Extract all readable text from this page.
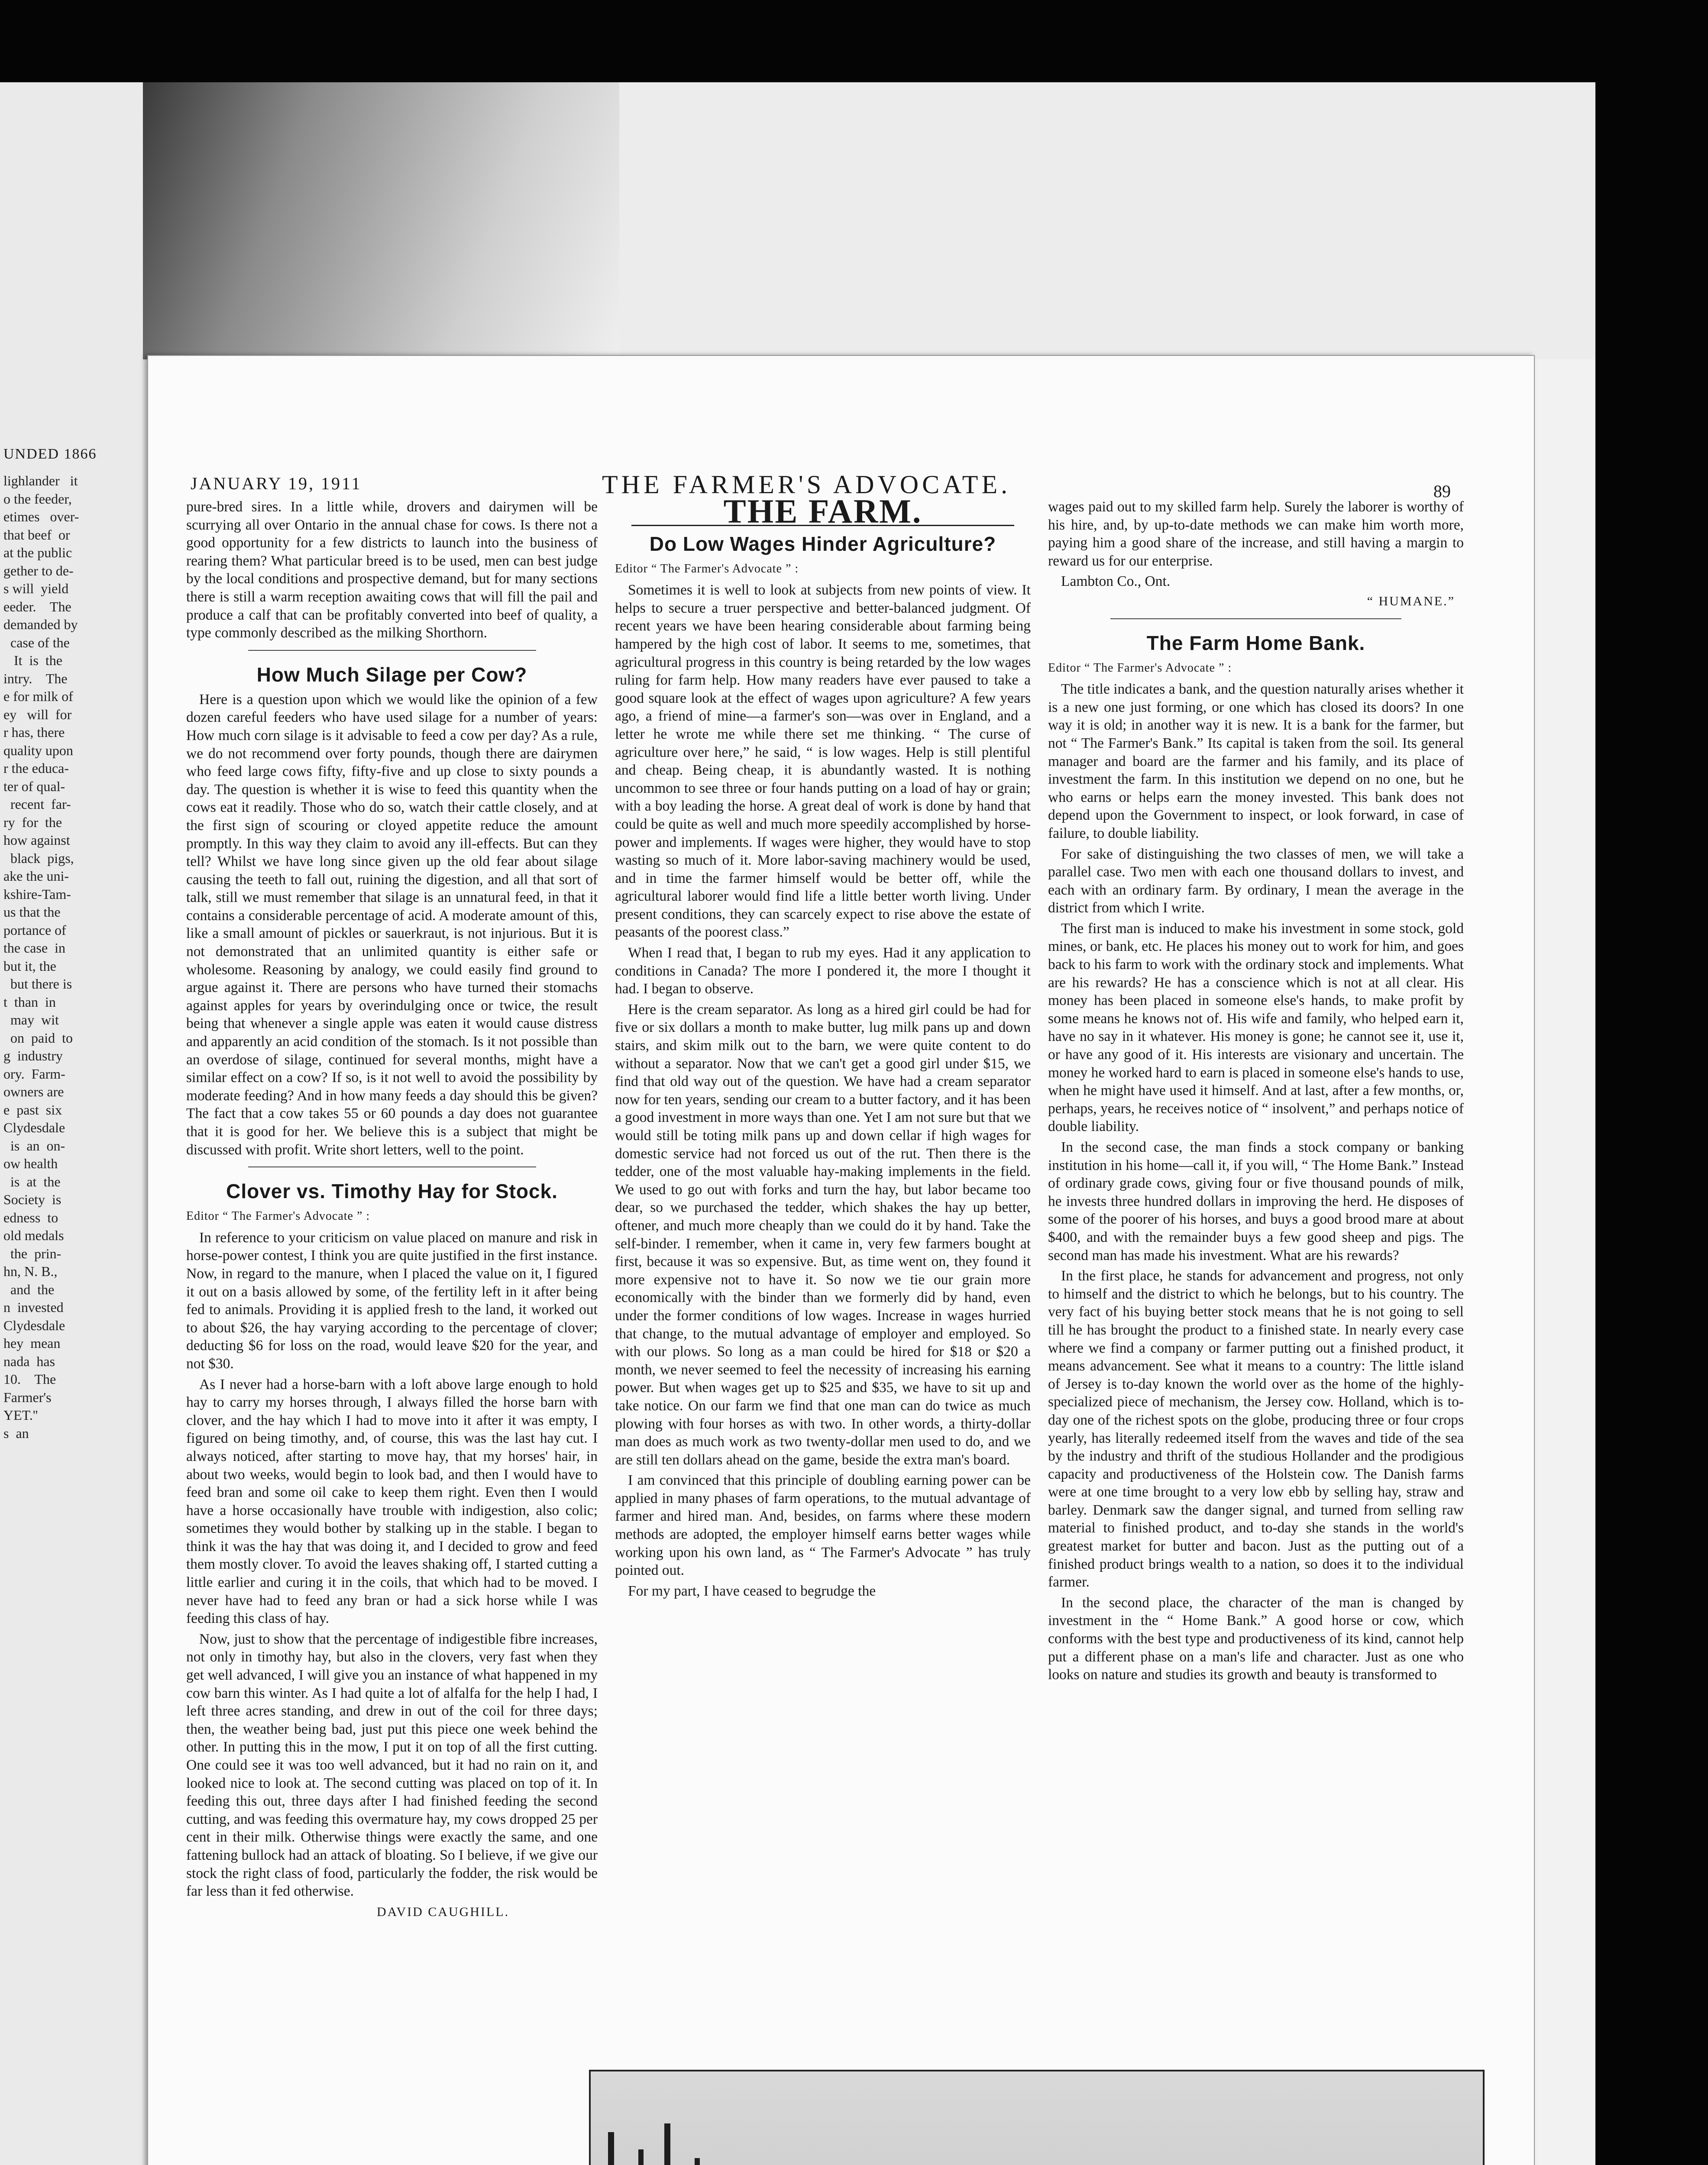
UNDED 1866
lighlander   it
o the feeder,
etimes   over-
that beef  or
at the public
gether to de-
s will  yield
eeder.    The
demanded by
case of the
It  is  the
intry.    The
e for milk of
ey   will  for
r has, there
quality upon
r the educa-
ter of qual-
recent  far-
ry  for  the
how against
black  pigs,
ake the uni-
kshire-Tam-
us that the
portance of
the case  in
but it, the
but there is
t  than  in
may  wit
on  paid  to
g  industry
ory.  Farm-
owners are
e  past  six
Clydesdale
is  an  on-
ow health
is  at  the
Society  is
edness  to
old medals
the  prin-
hn, N. B.,
and  the
n  invested
Clydesdale
hey  mean
nada  has
10.    The
Farmer's
YET.''
s  an
JANUARY 19, 1911	THE FARMER'S ADVOCATE.	89

pure-bred sires. In a little while, drovers and dairymen will be scurrying all over Ontario in the annual chase for cows. Is there not a good opportunity for a few districts to launch into the business of rearing them? What particular breed is to be used, men can best judge by the local conditions and prospective demand, but for many sections there is still a warm reception awaiting cows that will fill the pail and produce a calf that can be profitably converted into beef of quality, a type commonly described as the milking Shorthorn.

How Much Silage per Cow?

Here is a question upon which we would like the opinion of a few dozen careful feeders who have used silage for a number of years: How much corn silage is it advisable to feed a cow per day? As a rule, we do not recommend over forty pounds, though there are dairymen who feed large cows fifty, fifty-five and up close to sixty pounds a day. The question is whether it is wise to feed this quantity when the cows eat it readily. Those who do so, watch their cattle closely, and at the first sign of scouring or cloyed appetite reduce the amount promptly. In this way they claim to avoid any ill-effects. But can they tell? Whilst we have long since given up the old fear about silage causing the teeth to fall out, ruining the digestion, and all that sort of talk, still we must remember that silage is an unnatural feed, in that it contains a considerable percentage of acid. A moderate amount of this, like a small amount of pickles or sauerkraut, is not injurious. But it is not demonstrated that an unlimited quantity is either safe or wholesome. Reasoning by analogy, we could easily find ground to argue against it. There are persons who have turned their stomachs against apples for years by overindulging once or twice, the result being that whenever a single apple was eaten it would cause distress and apparently an acid condition of the stomach. Is it not possible than an overdose of silage, continued for several months, might have a similar effect on a cow? If so, is it not well to avoid the possibility by moderate feeding? And in how many feeds a day should this be given? The fact that a cow takes 55 or 60 pounds a day does not guarantee that it is good for her. We believe this is a subject that might be discussed with profit. Write short letters, well to the point.

Clover vs. Timothy Hay for Stock.
Editor “ The Farmer's Advocate ” :

In reference to your criticism on value placed on manure and risk in horse-power contest, I think you are quite justified in the first instance. Now, in regard to the manure, when I placed the value on it, I figured it out on a basis allowed by some, of the fertility left in it after being fed to animals. Providing it is applied fresh to the land, it worked out to about $26, the hay varying according to the percentage of clover; deducting $6 for loss on the road, would leave $20 for the year, and not $30.

As I never had a horse-barn with a loft above large enough to hold hay to carry my horses through, I always filled the horse barn with clover, and the hay which I had to move into it after it was empty, I figured on being timothy, and, of course, this was the last hay cut. I always noticed, after starting to move hay, that my horses' hair, in about two weeks, would begin to look bad, and then I would have to feed bran and some oil cake to keep them right. Even then I would have a horse occasionally have trouble with indigestion, also colic; sometimes they would bother by stalking up in the stable. I began to think it was the hay that was doing it, and I decided to grow and feed them mostly clover. To avoid the leaves shaking off, I started cutting a little earlier and curing it in the coils, that which had to be moved. I never have had to feed any bran or had a sick horse while I was feeding this class of hay.

Now, just to show that the percentage of indigestible fibre increases, not only in timothy hay, but also in the clovers, very fast when they get well advanced, I will give you an instance of what happened in my cow barn this winter. As I had quite a lot of alfalfa for the help I had, I left three acres standing, and drew in out of the coil for three days; then, the weather being bad, just put this piece one week behind the other. In putting this in the mow, I put it on top of all the first cutting. One could see it was too well advanced, but it had no rain on it, and looked nice to look at. The second cutting was placed on top of it. In feeding this out, three days after I had finished feeding the second cutting, and was feeding this overmature hay, my cows dropped 25 per cent in their milk. Otherwise things were exactly the same, and one fattening bullock had an attack of bloating. So I believe, if we give our stock the right class of food, particularly the fodder, the risk would be far less than it fed otherwise.

DAVID CAUGHILL.
THE FARM.
Do Low Wages Hinder Agriculture?
Editor “ The Farmer's Advocate ” :

Sometimes it is well to look at subjects from new points of view. It helps to secure a truer perspective and better-balanced judgment. Of recent years we have been hearing considerable about farming being hampered by the high cost of labor. It seems to me, sometimes, that agricultural progress in this country is being retarded by the low wages ruling for farm help. How many readers have ever paused to take a good square look at the effect of wages upon agriculture? A few years ago, a friend of mine—a farmer's son—was over in England, and a letter he wrote me while there set me thinking. “ The curse of agriculture over here,” he said, “ is low wages. Help is still plentiful and cheap. Being cheap, it is abundantly wasted. It is nothing uncommon to see three or four hands putting on a load of hay or grain; with a boy leading the horse. A great deal of work is done by hand that could be quite as well and much more speedily accomplished by horse-power and implements. If wages were higher, they would have to stop wasting so much of it. More labor-saving machinery would be used, and in time the farmer himself would be better off, while the agricultural laborer would find life a little better worth living. Under present conditions, they can scarcely expect to rise above the estate of peasants of the poorest class.”

When I read that, I began to rub my eyes. Had it any application to conditions in Canada? The more I pondered it, the more I thought it had. I began to observe.

Here is the cream separator. As long as a hired girl could be had for five or six dollars a month to make butter, lug milk pans up and down stairs, and skim milk out to the barn, we were quite content to do without a separator. Now that we can't get a good girl under $15, we find that old way out of the question. We have had a cream separator now for ten years, sending our cream to a butter factory, and it has been a good investment in more ways than one. Yet I am not sure but that we would still be toting milk pans up and down cellar if high wages for domestic service had not forced us out of the rut. Then there is the tedder, one of the most valuable hay-making implements in the field. We used to go out with forks and turn the hay, but labor became too dear, so we purchased the tedder, which shakes the hay up better, oftener, and much more cheaply than we could do it by hand. Take the self-binder. I remember, when it came in, very few farmers bought at first, because it was so expensive. But, as time went on, they found it more expensive not to have it. So now we tie our grain more economically with the binder than we formerly did by hand, even under the former conditions of low wages. Increase in wages hurried that change, to the mutual advantage of employer and employed. So with our plows. So long as a man could be hired for $18 or $20 a month, we never seemed to feel the necessity of increasing his earning power. But when wages get up to $25 and $35, we have to sit up and take notice. On our farm we find that one man can do twice as much plowing with four horses as with two. In other words, a thirty-dollar man does as much work as two twenty-dollar men used to do, and we are still ten dollars ahead on the game, beside the extra man's board.

I am convinced that this principle of doubling earning power can be applied in many phases of farm operations, to the mutual advantage of farmer and hired man. And, besides, on farms where these modern methods are adopted, the employer himself earns better wages while working upon his own land, as “ The Farmer's Advocate ” has truly pointed out.

For my part, I have ceased to begrudge the

wages paid out to my skilled farm help. Surely the laborer is worthy of his hire, and, by up-to-date methods we can make him worth more, paying him a good share of the increase, and still having a margin to reward us for our enterprise.

Lambton Co., Ont.
“ HUMANE.”
The Farm Home Bank.
Editor “ The Farmer's Advocate ” :

The title indicates a bank, and the question naturally arises whether it is a new one just forming, or one which has closed its doors? In one way it is old; in another way it is new. It is a bank for the farmer, but not “ The Farmer's Bank.” Its capital is taken from the soil. Its general manager and board are the farmer and his family, and its place of investment the farm. In this institution we depend on no one, but he who earns or helps earn the money invested. This bank does not depend upon the Government to inspect, or look forward, in case of failure, to double liability.

For sake of distinguishing the two classes of men, we will take a parallel case. Two men with each one thousand dollars to invest, and each with an ordinary farm. By ordinary, I mean the average in the district from which I write.

The first man is induced to make his investment in some stock, gold mines, or bank, etc. He places his money out to work for him, and goes back to his farm to work with the ordinary stock and implements. What are his rewards? He has a conscience which is not at all clear. His money has been placed in someone else's hands, to make profit by some means he knows not of. His wife and family, who helped earn it, have no say in it whatever. His money is gone; he cannot see it, use it, or have any good of it. His interests are visionary and uncertain. The money he worked hard to earn is placed in someone else's hands to use, when he might have used it himself. And at last, after a few months, or, perhaps, years, he receives notice of “ insolvent,” and perhaps notice of double liability.

In the second case, the man finds a stock company or banking institution in his home—call it, if you will, “ The Home Bank.” Instead of ordinary grade cows, giving four or five thousand pounds of milk, he invests three hundred dollars in improving the herd. He disposes of some of the poorer of his horses, and buys a good brood mare at about $400, and with the remainder buys a few good sheep and pigs. The second man has made his investment. What are his rewards?

In the first place, he stands for advancement and progress, not only to himself and the district to which he belongs, but to his country. The very fact of his buying better stock means that he is not going to sell till he has brought the product to a finished state. In nearly every case where we find a company or farmer putting out a finished product, it means advancement. See what it means to a country: The little island of Jersey is to-day known the world over as the home of the highly-specialized piece of mechanism, the Jersey cow. Holland, which is to-day one of the richest spots on the globe, producing three or four crops yearly, has literally redeemed itself from the waves and tide of the sea by the industry and thrift of the studious Hollander and the prodigious capacity and productiveness of the Holstein cow. The Danish farms were at one time brought to a very low ebb by selling hay, straw and barley. Denmark saw the danger signal, and turned from selling raw material to finished product, and to-day she stands in the world's greatest market for butter and bacon. Just as the putting out of a finished product brings wealth to a nation, so does it to the individual farmer.

In the second place, the character of the man is changed by investment in the “ Home Bank.” A good horse or cow, which conforms with the best type and productiveness of its kind, cannot help put a different phase on a man's life and character. Just as one who looks on nature and studies its growth and beauty is transformed to
